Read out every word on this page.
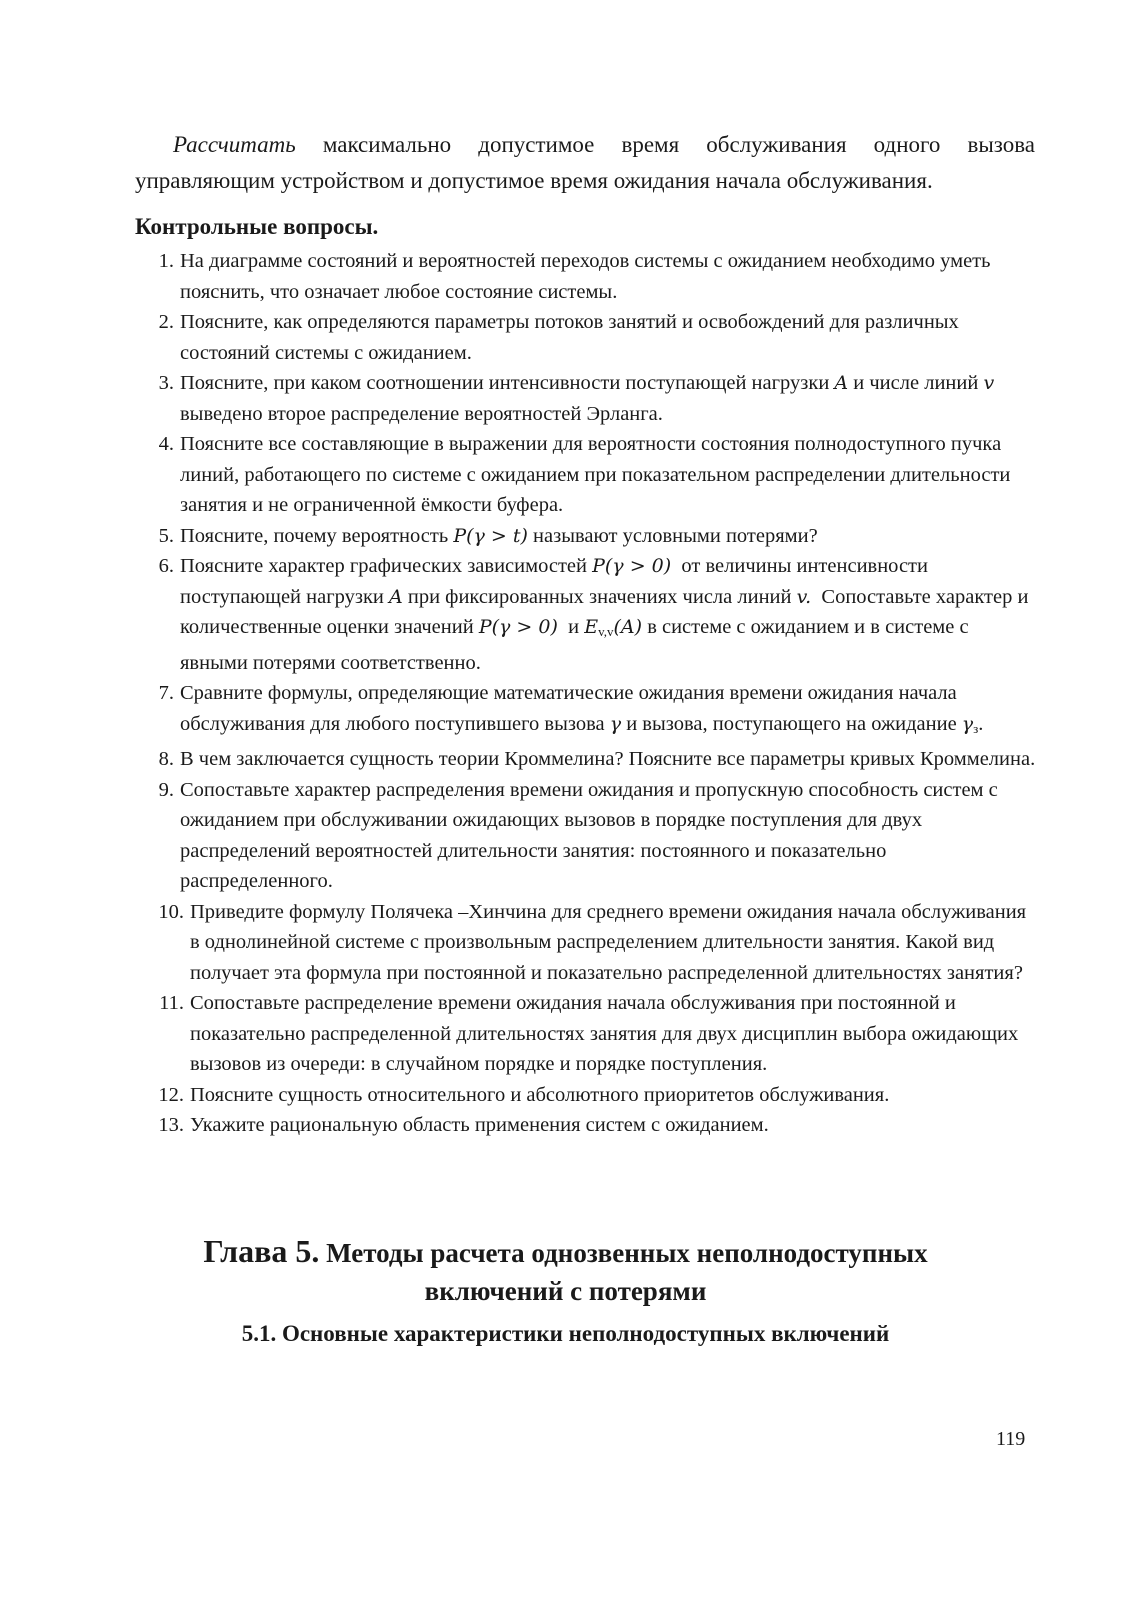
Рассчитать максимально допустимое время обслуживания одного вызова управляющим устройством и допустимое время ожидания начала обслуживания.

Контрольные вопросы.
1. На диаграмме состояний и вероятностей переходов системы с ожиданием необходимо уметь пояснить, что означает любое состояние системы.
2. Поясните, как определяются параметры потоков занятий и освобождений для различных состояний системы с ожиданием.
3. Поясните, при каком соотношении интенсивности поступающей нагрузки A и числе линий v выведено второе распределение вероятностей Эрланга.
4. Поясните все составляющие в выражении для вероятности состояния полнодоступного пучка линий, работающего по системе с ожиданием при показательном распределении длительности занятия и не ограниченной ёмкости буфера.
5. Поясните, почему вероятность P(γ > t) называют условными потерями?
6. Поясните характер графических зависимостей P(γ > 0) от величины интенсивности поступающей нагрузки A при фиксированных значениях числа линий v. Сопоставьте характер и количественные оценки значений P(γ > 0) и $E_{v,v}(A)$ в системе с ожиданием и в системе с явными потерями соответственно.
7. Сравните формулы, определяющие математические ожидания времени ожидания начала обслуживания для любого поступившего вызова γ и вызова, поступающего на ожидание $\gamma_з$.
8. В чем заключается сущность теории Кроммелина? Поясните все параметры кривых Кроммелина.
9. Сопоставьте характер распределения времени ожидания и пропускную способность систем с ожиданием при обслуживании ожидающих вызовов в порядке поступления для двух распределений вероятностей длительности занятия: постоянного и показательно распределенного.
10. Приведите формулу Полячека –Хинчина для среднего времени ожидания начала обслуживания в однолинейной системе с произвольным распределением длительности занятия. Какой вид получает эта формула при постоянной и показательно распределенной длительностях занятия?
11. Сопоставьте распределение времени ожидания начала обслуживания при постоянной и показательно распределенной длительностях занятия для двух дисциплин выбора ожидающих вызовов из очереди: в случайном порядке и порядке поступления.
12. Поясните сущность относительного и абсолютного приоритетов обслуживания.
13. Укажите рациональную область применения систем с ожиданием.
Глава 5. Методы расчета однозвенных неполнодоступных
включений с потерями
5.1. Основные характеристики неполнодоступных включений
119
